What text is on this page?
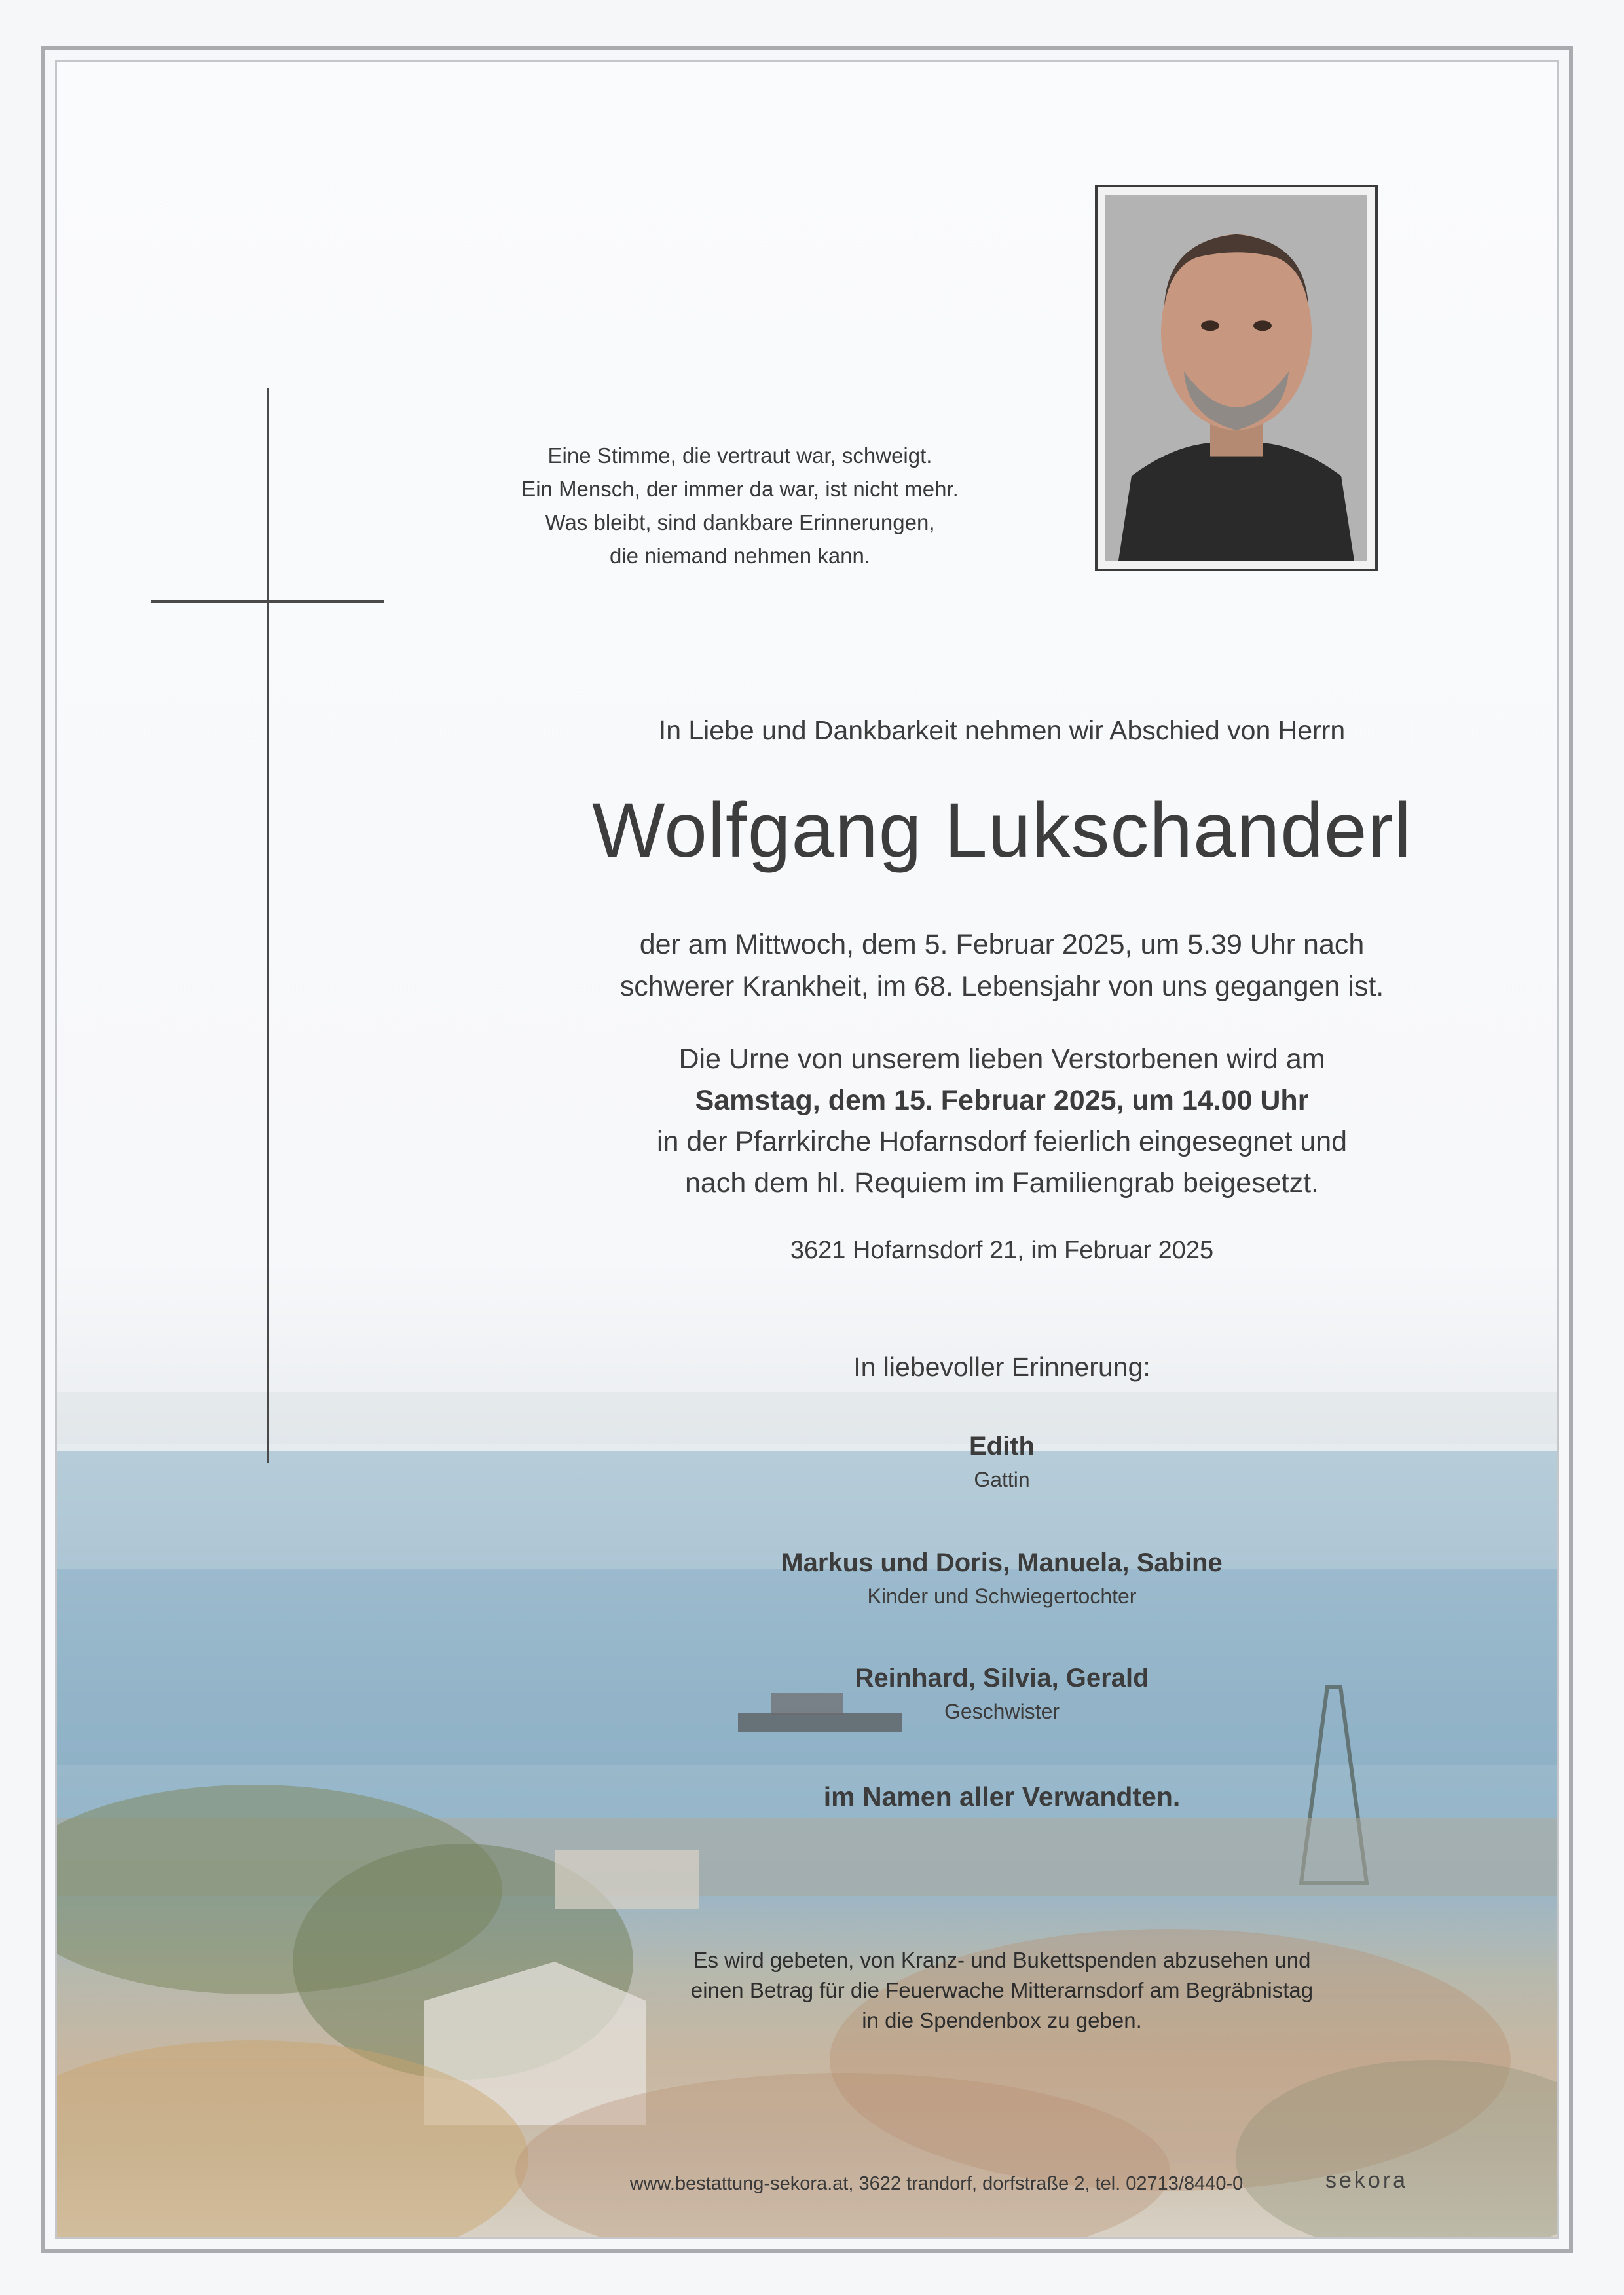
Eine Stimme, die vertraut war, schweigt.
Ein Mensch, der immer da war, ist nicht mehr.
Was bleibt, sind dankbare Erinnerungen,
die niemand nehmen kann.
In Liebe und Dankbarkeit nehmen wir Abschied von Herrn
Wolfgang Lukschanderl
der am Mittwoch, dem 5. Februar 2025, um 5.39 Uhr nach
schwerer Krankheit, im 68. Lebensjahr von uns gegangen ist.
Die Urne von unserem lieben Verstorbenen wird am
Samstag, dem 15. Februar 2025, um 14.00 Uhr
in der Pfarrkirche Hofarnsdorf feierlich eingesegnet und
nach dem hl. Requiem im Familiengrab beigesetzt.
3621 Hofarnsdorf 21, im Februar 2025
In liebevoller Erinnerung:
Edith
Gattin
Markus und Doris, Manuela, Sabine
Kinder und Schwiegertochter
Reinhard, Silvia, Gerald
Geschwister
im Namen aller Verwandten.
Es wird gebeten, von Kranz- und Bukettspenden abzusehen und
einen Betrag für die Feuerwache Mitterarnsdorf am Begräbnistag
in die Spendenbox zu geben.
www.bestattung-sekora.at, 3622 trandorf, dorfstraße 2, tel. 02713/8440-0	sekora
